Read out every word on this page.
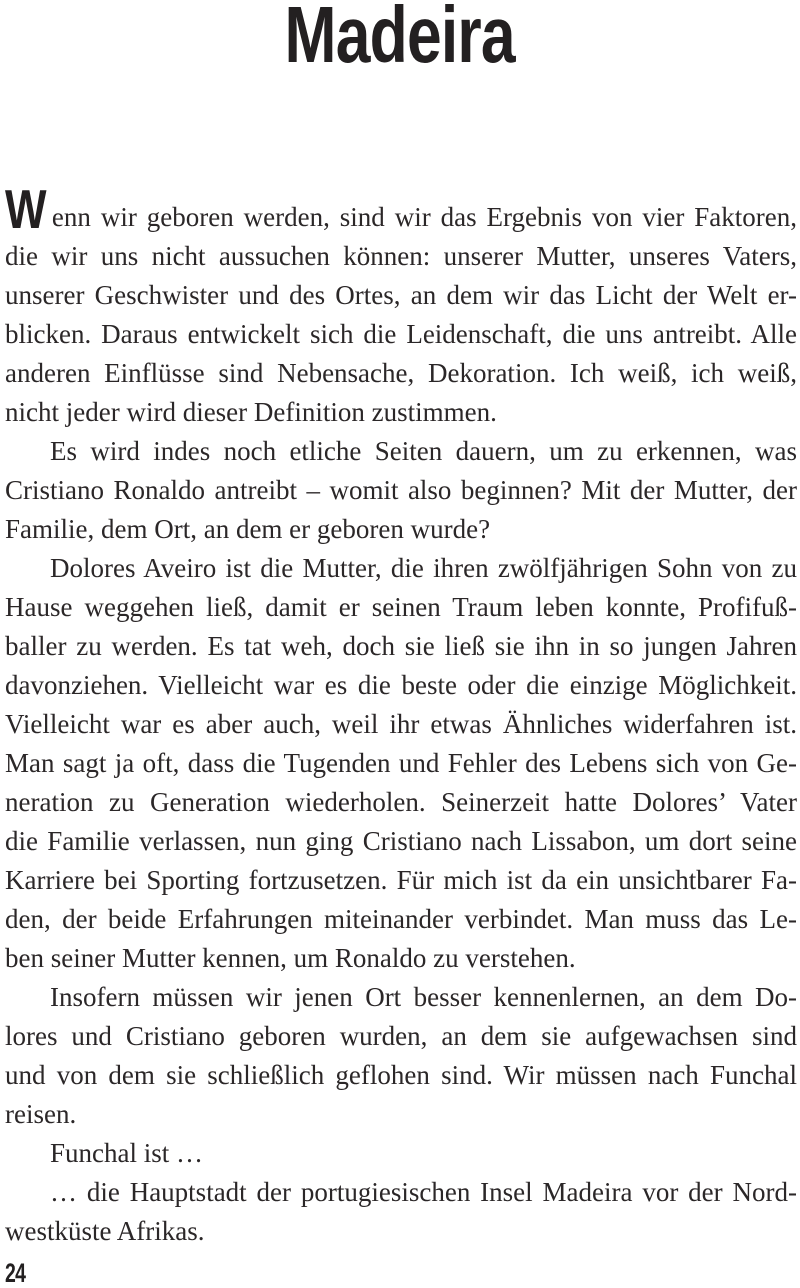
Madeira
Wenn wir geboren werden, sind wir das Ergebnis von vier Faktoren,
die wir uns nicht aussuchen können: unserer Mutter, unseres Vaters,
unserer Geschwister und des Ortes, an dem wir das Licht der Welt er-
blicken. Daraus entwickelt sich die Leidenschaft, die uns antreibt. Alle
anderen Einflüsse sind Nebensache, Dekoration. Ich weiß, ich weiß,
nicht jeder wird dieser Definition zustimmen.
Es wird indes noch etliche Seiten dauern, um zu erkennen, was
Cristiano Ronaldo antreibt – womit also beginnen? Mit der Mutter, der
Familie, dem Ort, an dem er geboren wurde?
Dolores Aveiro ist die Mutter, die ihren zwölfjährigen Sohn von zu
Hause weggehen ließ, damit er seinen Traum leben konnte, Profifuß-
baller zu werden. Es tat weh, doch sie ließ sie ihn in so jungen Jahren
davonziehen. Vielleicht war es die beste oder die einzige Möglichkeit.
Vielleicht war es aber auch, weil ihr etwas Ähnliches widerfahren ist.
Man sagt ja oft, dass die Tugenden und Fehler des Lebens sich von Ge-
neration zu Generation wiederholen. Seinerzeit hatte Dolores’ Vater
die Familie verlassen, nun ging Cristiano nach Lissabon, um dort seine
Karriere bei Sporting fortzusetzen. Für mich ist da ein unsichtbarer Fa-
den, der beide Erfahrungen miteinander verbindet. Man muss das Le-
ben seiner Mutter kennen, um Ronaldo zu verstehen.
Insofern müssen wir jenen Ort besser kennenlernen, an dem Do-
lores und Cristiano geboren wurden, an dem sie aufgewachsen sind
und von dem sie schließlich geflohen sind. Wir müssen nach Funchal
reisen.
Funchal ist …
… die Hauptstadt der portugiesischen Insel Madeira vor der Nord-
westküste Afrikas.
24
